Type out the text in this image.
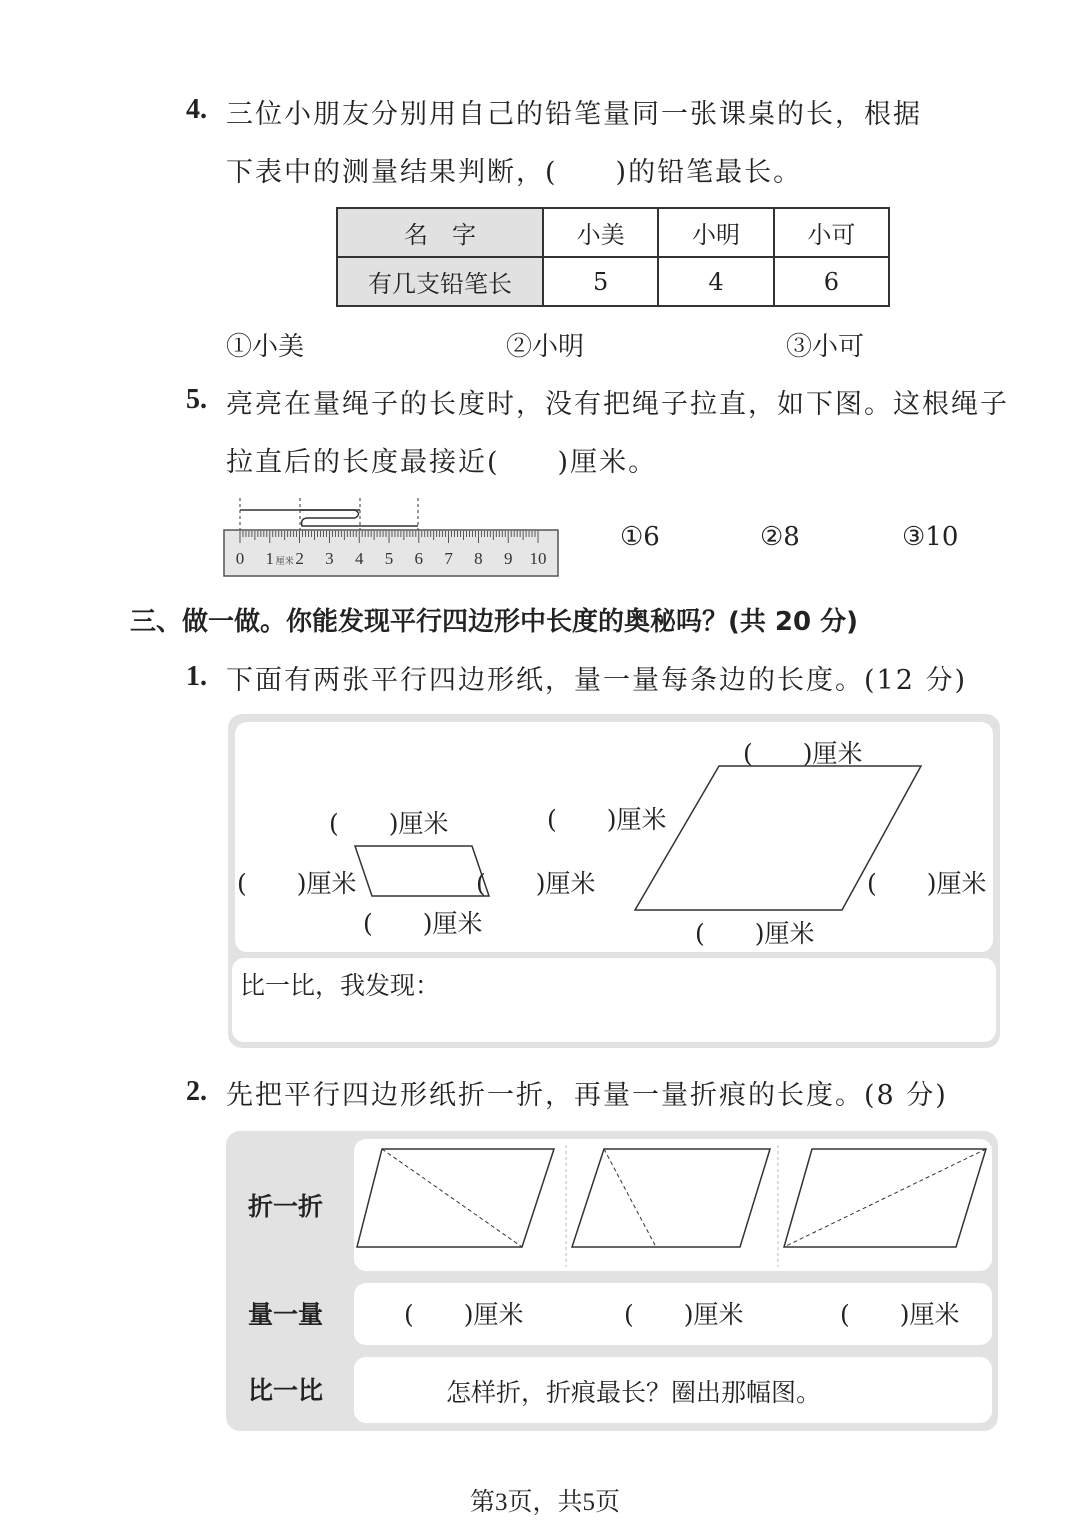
4. 三位小朋友分别用自己的铅笔量同一张课桌的长，根据
下表中的测量结果判断，(　　)的铅笔最长。
名　字	小美	小明	小可
有几支铅笔长	5	4	6
①小美	②小明	③小可
5. 亮亮在量绳子的长度时，没有把绳子拉直，如下图。这根绳子
拉直后的长度最接近(　　)厘米。
0 1 2 3 4 5 6 7 8 9 10
厘米
①6	②8	③10
三、做一做。你能发现平行四边形中长度的奥秘吗？(共 20 分)
1. 下面有两张平行四边形纸，量一量每条边的长度。(12 分)
(　　)厘米
(　　)厘米	(　　)厘米
(　　)厘米
(　　)厘米
(　　)厘米
(　　)厘米
(　　)厘米
比一比，我发现：
2. 先把平行四边形纸折一折，再量一量折痕的长度。(8 分)
折一折
量一量	(　　)厘米	(　　)厘米	(　　)厘米
比一比	怎样折，折痕最长？圈出那幅图。
第3页，共5页
